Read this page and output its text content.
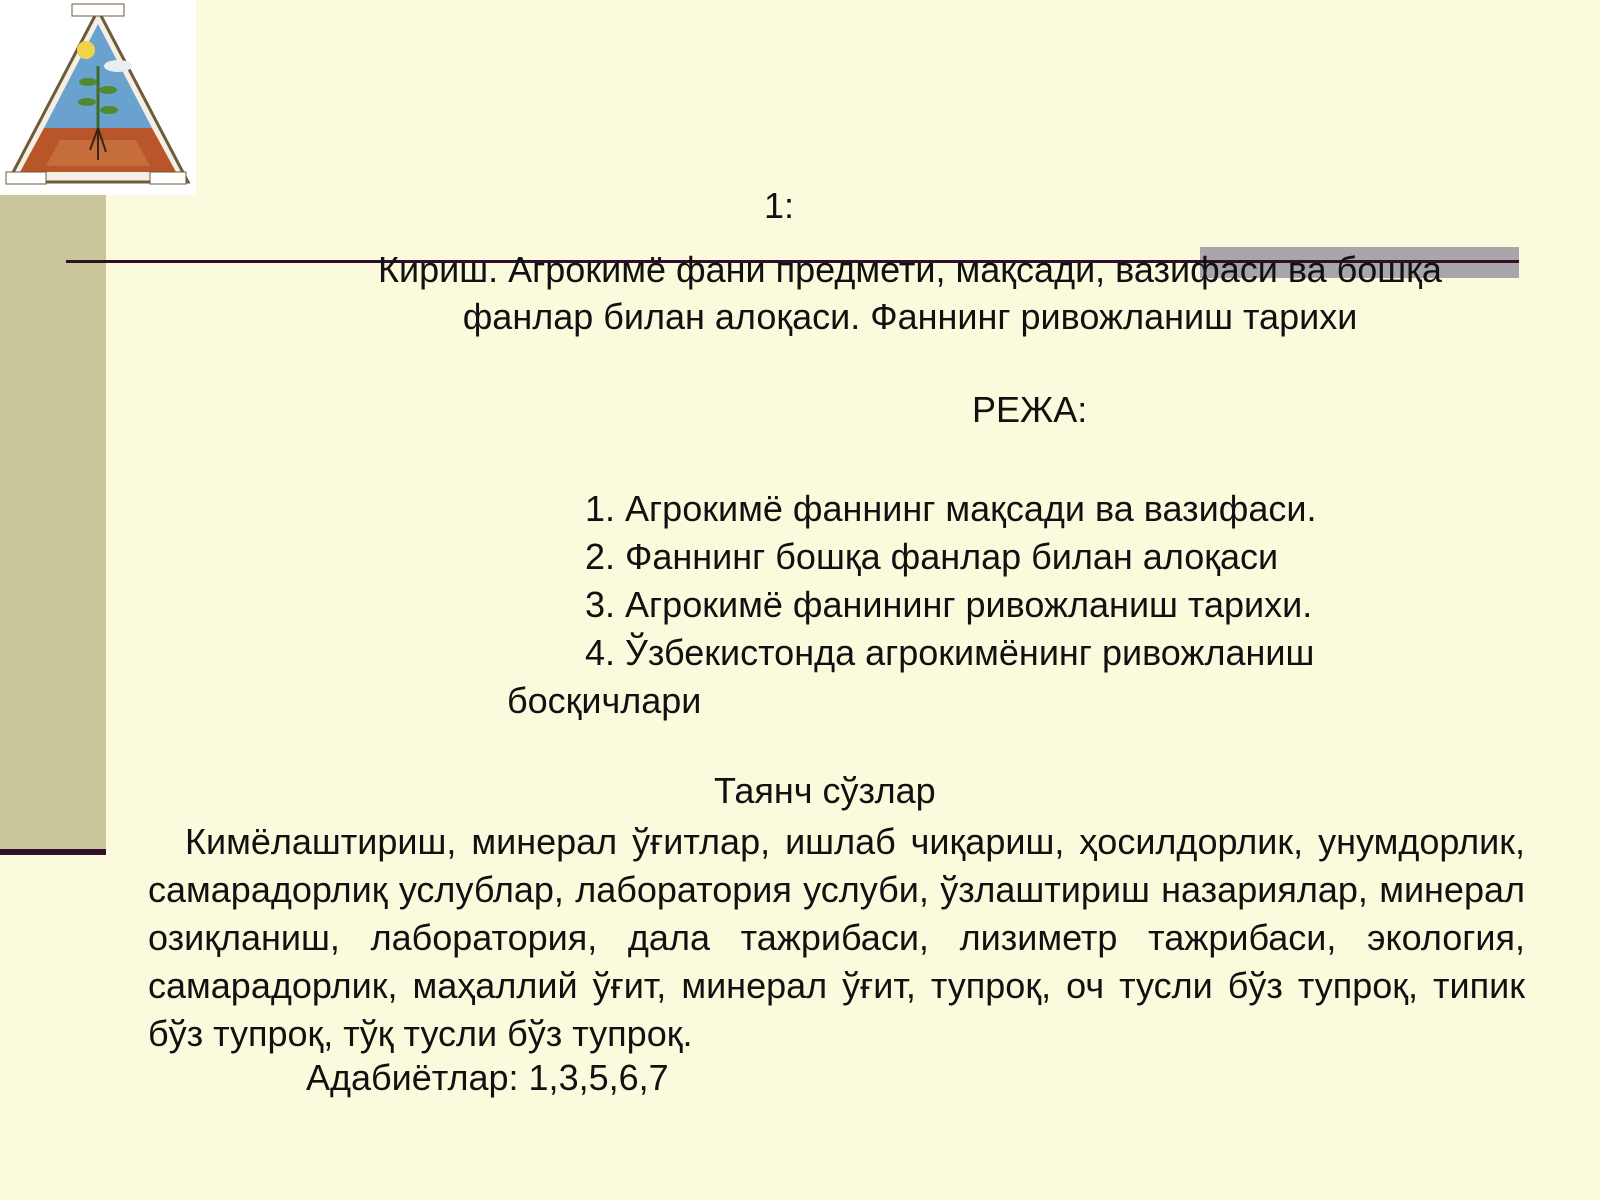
1:
Кириш. Агрокимё фани предмети, мақсади, вазифаси ва бошқа
фанлар билан алоқаси. Фаннинг ривожланиш тарихи
РЕЖА:
1. Агрокимё фаннинг мақсади ва вазифаси.
2. Фаннинг бошқа фанлар билан алоқаси
3. Агрокимё фанининг ривожланиш тарихи.
4. Ўзбекистонда агрокимёнинг ривожланиш
босқичлари
Таянч сўзлар
Кимёлаштириш, минерал ўғитлар, ишлаб чиқариш, ҳосилдорлик, унумдорлик, самарадорлиқ услублар, лаборатория услуби, ўзлаштириш назариялар, минерал озиқланиш, лаборатория, дала тажрибаси, лизиметр тажрибаси, экология, самарадорлик, маҳаллий ўғит, минерал ўғит, тупроқ, оч тусли бўз тупроқ, типик бўз тупроқ, тўқ тусли бўз тупроқ.
Адабиётлар: 1,3,5,6,7
